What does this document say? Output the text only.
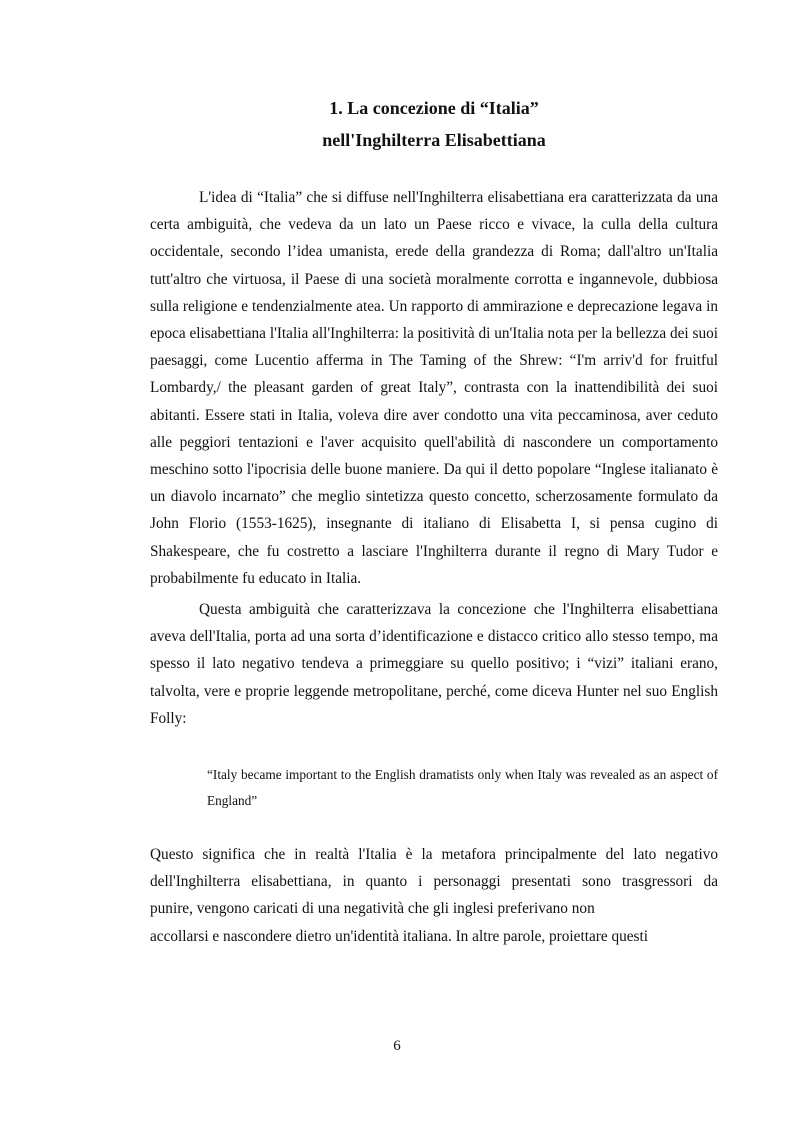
1. La concezione di “Italia”
nell'Inghilterra Elisabettiana

L'idea di “Italia” che si diffuse nell'Inghilterra elisabettiana era caratterizzata da una certa ambiguità, che vedeva da un lato un Paese ricco e vivace, la culla della cultura occidentale, secondo l’idea umanista, erede della grandezza di Roma; dall'altro un'Italia tutt'altro che virtuosa, il Paese di una società moralmente corrotta e ingannevole, dubbiosa sulla religione e tendenzialmente atea. Un rapporto di ammirazione e deprecazione legava in epoca elisabettiana l'Italia all'Inghilterra: la positività di un'Italia nota per la bellezza dei suoi paesaggi, come Lucentio afferma in The Taming of the Shrew: “I'm arriv'd for fruitful Lombardy,/ the pleasant garden of great Italy”, contrasta con la inattendibilità dei suoi abitanti. Essere stati in Italia, voleva dire aver condotto una vita peccaminosa, aver ceduto alle peggiori tentazioni e l'aver acquisito quell'abilità di nascondere un comportamento meschino sotto l'ipocrisia delle buone maniere. Da qui il detto popolare “Inglese italianato è un diavolo incarnato” che meglio sintetizza questo concetto, scherzosamente formulato da John Florio (1553-1625), insegnante di italiano di Elisabetta I, si pensa cugino di Shakespeare, che fu costretto a lasciare l'Inghilterra durante il regno di Mary Tudor e probabilmente fu educato in Italia.

Questa ambiguità che caratterizzava la concezione che l'Inghilterra elisabettiana aveva dell'Italia, porta ad una sorta d’identificazione e distacco critico allo stesso tempo, ma spesso il lato negativo tendeva a primeggiare su quello positivo; i “vizi” italiani erano, talvolta, vere e proprie leggende metropolitane, perché, come diceva Hunter nel suo English Folly:

“Italy became important to the English dramatists only when Italy was revealed as an aspect of England”

Questo significa che in realtà l'Italia è la metafora principalmente del lato negativo
dell'Inghilterra elisabettiana, in quanto i personaggi presentati sono trasgressori da
punire, vengono caricati di una negatività che gli inglesi preferivano non
accollarsi e nascondere dietro un'identità italiana. In altre parole, proiettare questi
6
